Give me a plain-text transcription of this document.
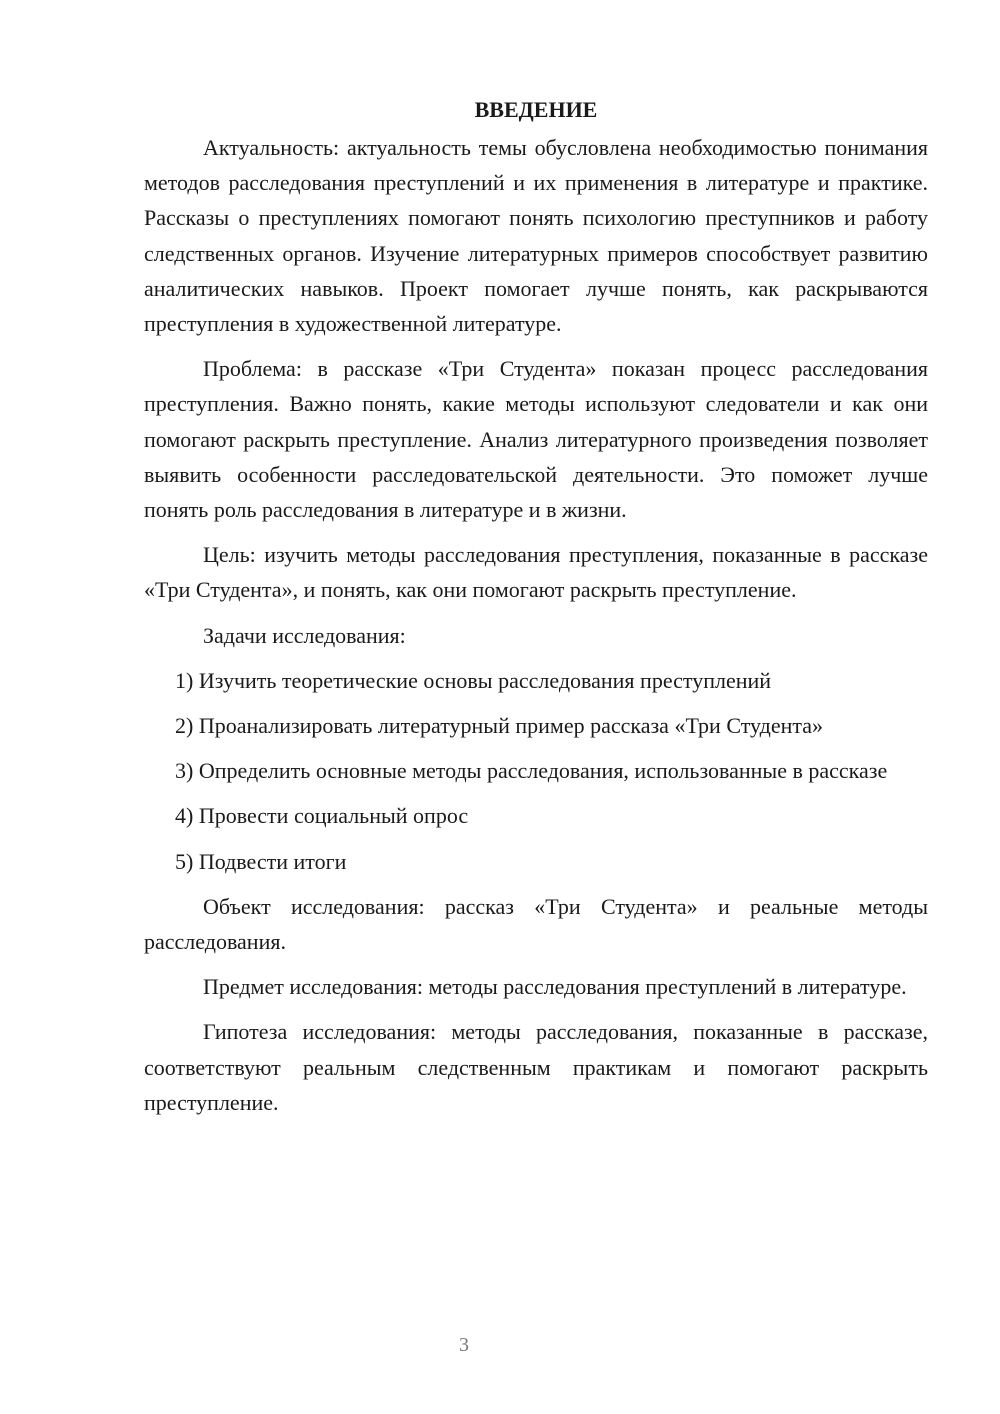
ВВЕДЕНИЕ

Актуальность: актуальность темы обусловлена необходимостью понимания методов расследования преступлений и их применения в литературе и практике. Рассказы о преступлениях помогают понять психологию преступников и работу следственных органов. Изучение литературных примеров способствует развитию аналитических навыков. Проект помогает лучше понять, как раскрываются преступления в художественной литературе.

Проблема: в рассказе «Три Студента» показан процесс расследования преступления. Важно понять, какие методы используют следователи и как они помогают раскрыть преступление. Анализ литературного произведения позволяет выявить особенности расследовательской деятельности. Это поможет лучше понять роль расследования в литературе и в жизни.

Цель: изучить методы расследования преступления, показанные в рассказе «Три Студента», и понять, как они помогают раскрыть преступление.

Задачи исследования:

1) Изучить теоретические основы расследования преступлений

2) Проанализировать литературный пример рассказа «Три Студента»

3) Определить основные методы расследования, использованные в рассказе

4) Провести социальный опрос

5) Подвести итоги

Объект исследования: рассказ «Три Студента» и реальные методы расследования.

Предмет исследования: методы расследования преступлений в литературе.

Гипотеза исследования: методы расследования, показанные в рассказе, соответствуют реальным следственным практикам и помогают раскрыть преступление.

3
